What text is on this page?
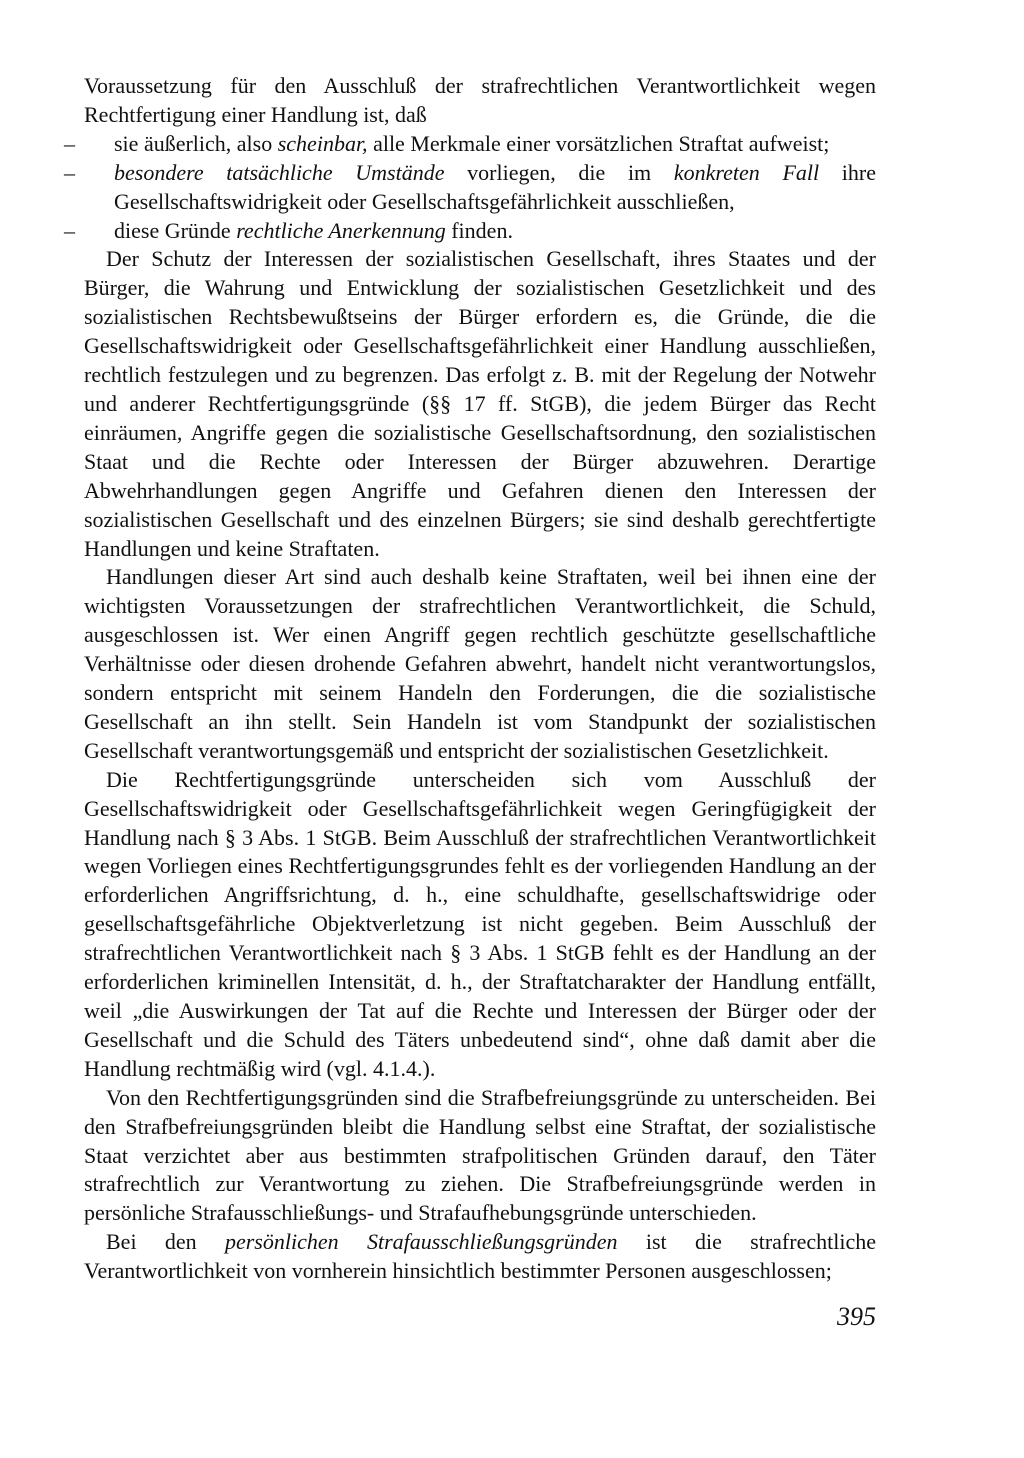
Voraussetzung für den Ausschluß der strafrechtlichen Verantwortlichkeit wegen Rechtfertigung einer Handlung ist, daß

–	sie äußerlich, also scheinbar, alle Merkmale einer vorsätzlichen Straftat aufweist;
–	besondere tatsächliche Umstände vorliegen, die im konkreten Fall ihre Gesellschaftswidrigkeit oder Gesellschaftsgefährlichkeit ausschließen,
–	diese Gründe rechtliche Anerkennung finden.

Der Schutz der Interessen der sozialistischen Gesellschaft, ihres Staates und der Bürger, die Wahrung und Entwicklung der sozialistischen Gesetzlichkeit und des sozialistischen Rechtsbewußtseins der Bürger erfordern es, die Gründe, die die Gesellschaftswidrigkeit oder Gesellschaftsgefährlichkeit einer Handlung ausschließen, rechtlich festzulegen und zu begrenzen. Das erfolgt z. B. mit der Regelung der Notwehr und anderer Rechtfertigungsgründe (§§ 17 ff. StGB), die jedem Bürger das Recht einräumen, Angriffe gegen die sozialistische Gesellschaftsordnung, den sozialistischen Staat und die Rechte oder Interessen der Bürger abzuwehren. Derartige Abwehrhandlungen gegen Angriffe und Gefahren dienen den Interessen der sozialistischen Gesellschaft und des einzelnen Bürgers; sie sind deshalb gerechtfertigte Handlungen und keine Straftaten.

Handlungen dieser Art sind auch deshalb keine Straftaten, weil bei ihnen eine der wichtigsten Voraussetzungen der strafrechtlichen Verantwortlichkeit, die Schuld, ausgeschlossen ist. Wer einen Angriff gegen rechtlich geschützte gesellschaftliche Verhältnisse oder diesen drohende Gefahren abwehrt, handelt nicht verantwortungslos, sondern entspricht mit seinem Handeln den Forderungen, die die sozialistische Gesellschaft an ihn stellt. Sein Handeln ist vom Standpunkt der sozialistischen Gesellschaft verantwortungsgemäß und entspricht der sozialistischen Gesetzlichkeit.

Die Rechtfertigungsgründe unterscheiden sich vom Ausschluß der Gesellschaftswidrigkeit oder Gesellschaftsgefährlichkeit wegen Geringfügigkeit der Handlung nach § 3 Abs. 1 StGB. Beim Ausschluß der strafrechtlichen Verantwortlichkeit wegen Vorliegen eines Rechtfertigungsgrundes fehlt es der vorliegenden Handlung an der erforderlichen Angriffsrichtung, d. h., eine schuldhafte, gesellschaftswidrige oder gesellschaftsgefährliche Objektverletzung ist nicht gegeben. Beim Ausschluß der strafrechtlichen Verantwortlichkeit nach § 3 Abs. 1 StGB fehlt es der Handlung an der erforderlichen kriminellen Intensität, d. h., der Straftatcharakter der Handlung entfällt, weil „die Auswirkungen der Tat auf die Rechte und Interessen der Bürger oder der Gesellschaft und die Schuld des Täters unbedeutend sind“, ohne daß damit aber die Handlung rechtmäßig wird (vgl. 4.1.4.).

Von den Rechtfertigungsgründen sind die Strafbefreiungsgründe zu unterscheiden. Bei den Strafbefreiungsgründen bleibt die Handlung selbst eine Straftat, der sozialistische Staat verzichtet aber aus bestimmten strafpolitischen Gründen darauf, den Täter strafrechtlich zur Verantwortung zu ziehen. Die Strafbefreiungsgründe werden in persönliche Strafausschließungs- und Strafaufhebungsgründe unterschieden.

Bei den persönlichen Strafausschließungsgründen ist die strafrechtliche Verantwortlichkeit von vornherein hinsichtlich bestimmter Personen ausgeschlossen;

395
